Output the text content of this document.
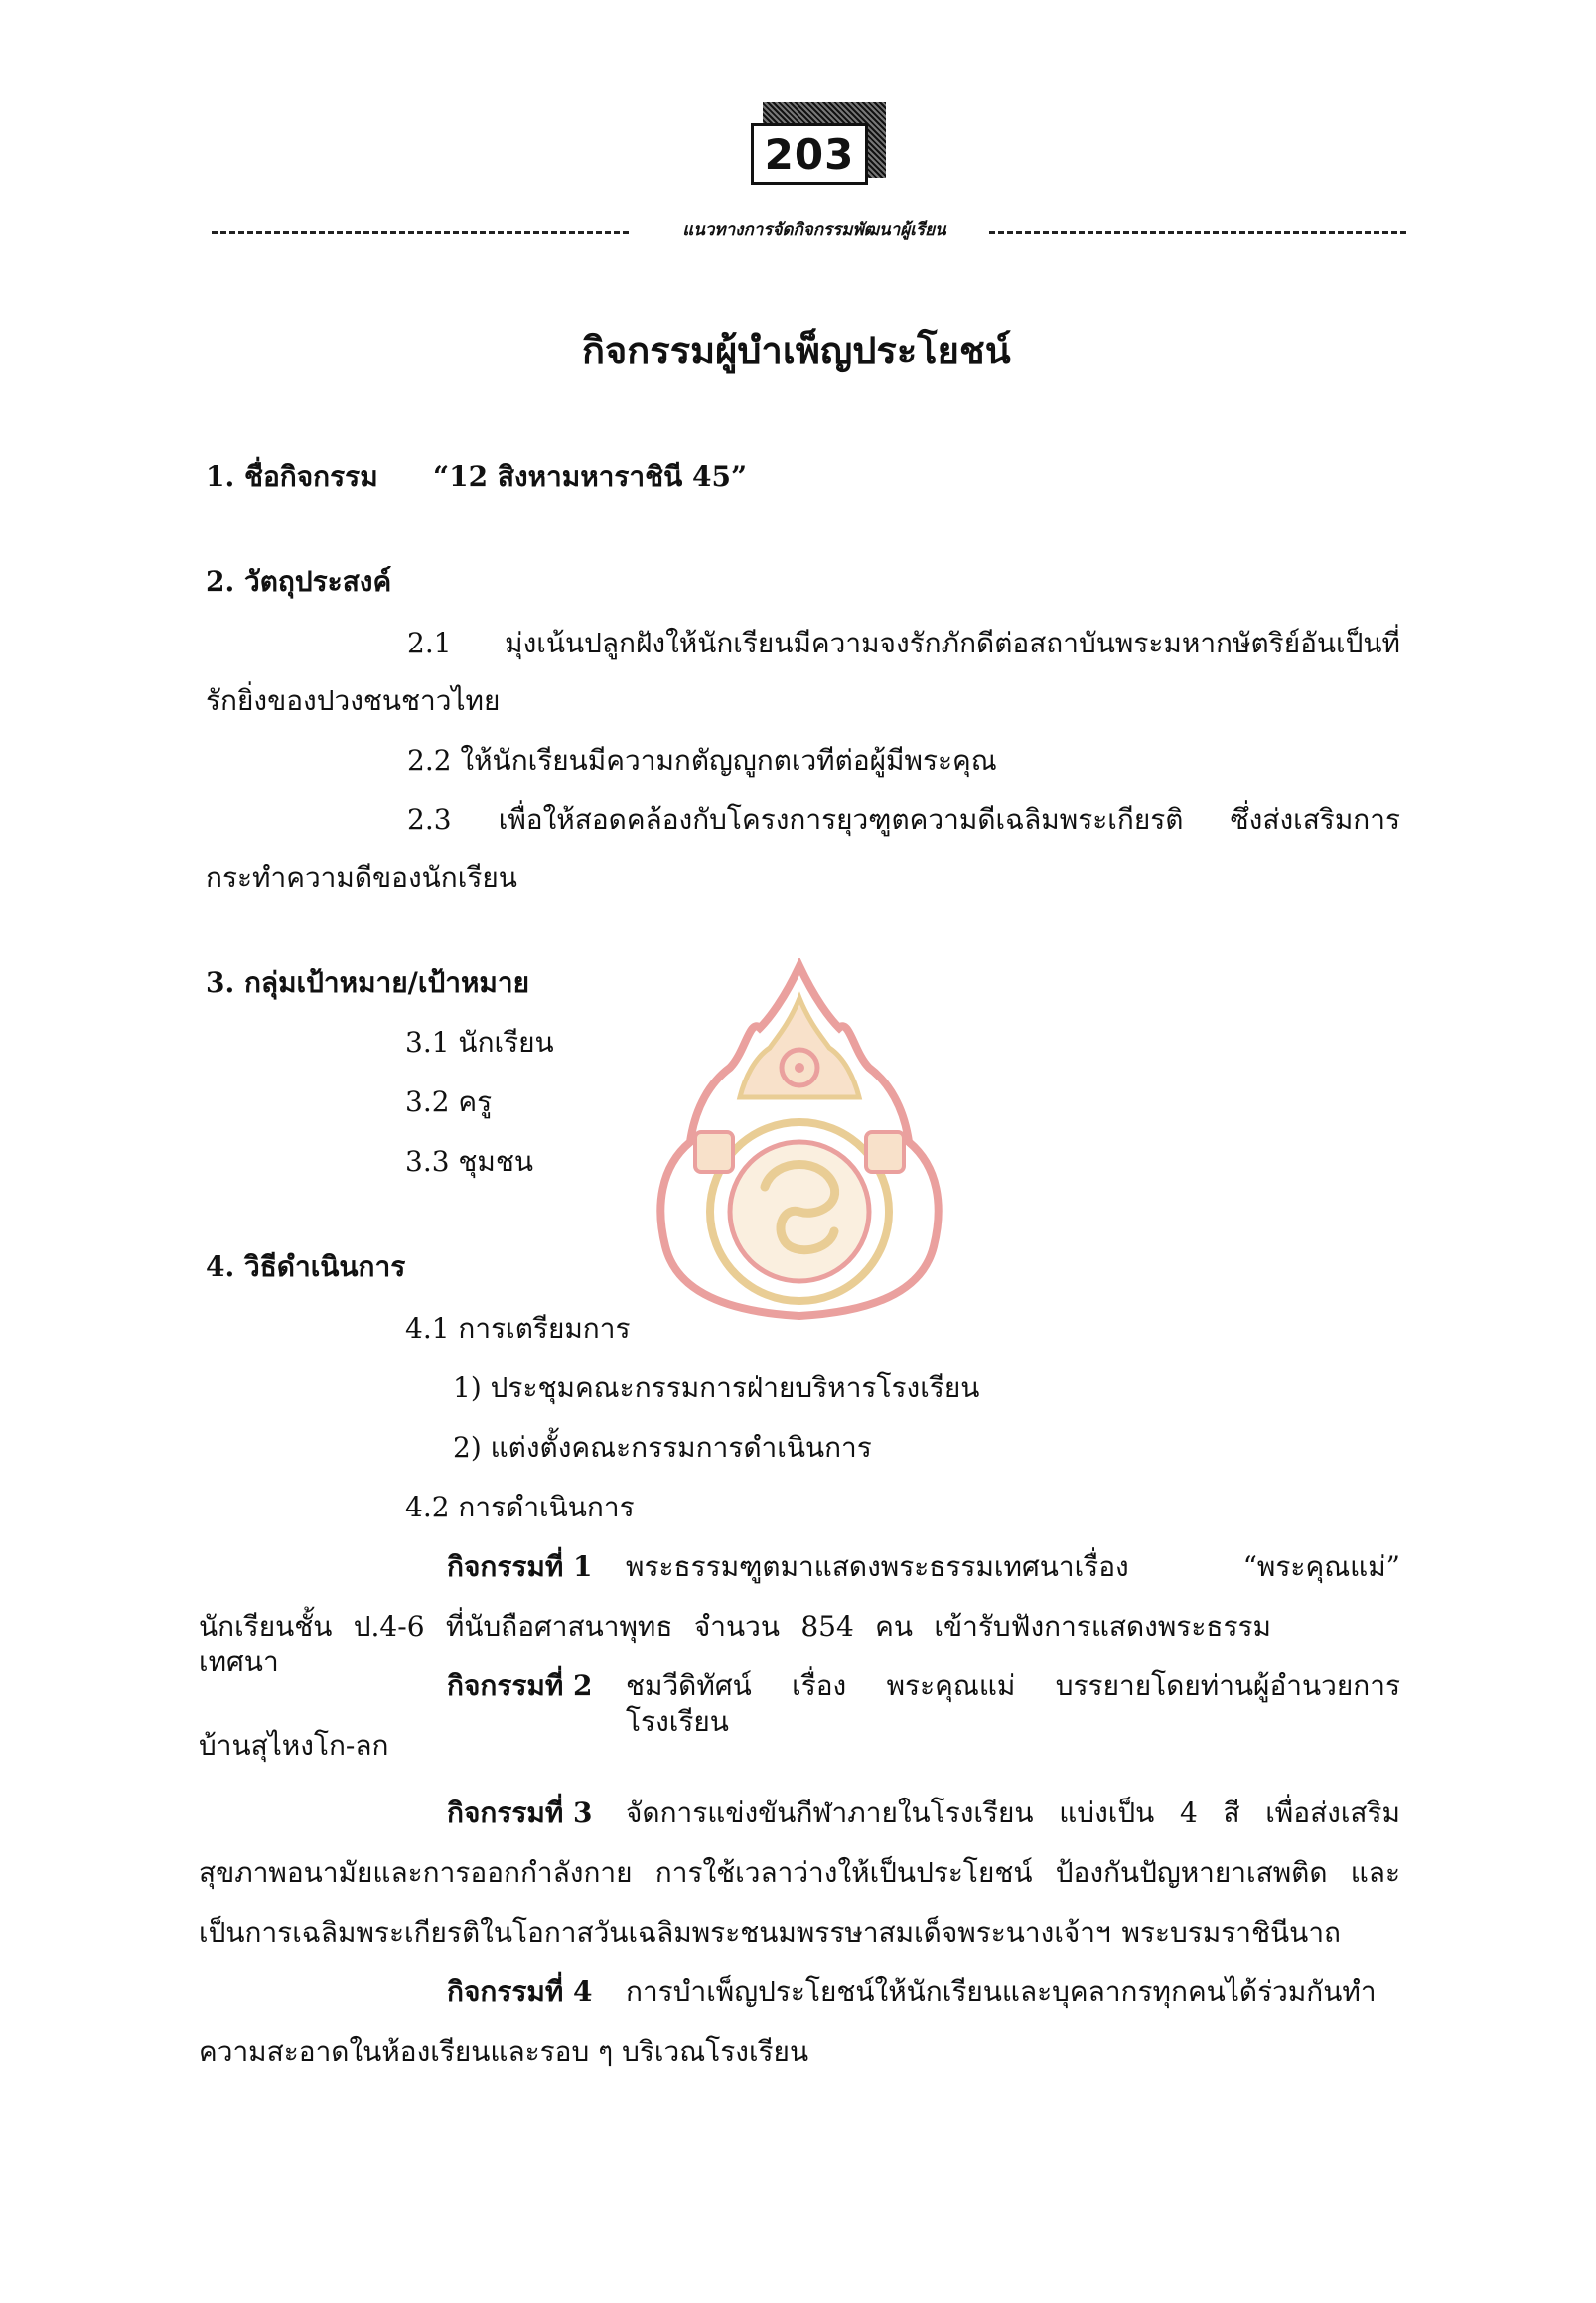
203
แนวทางการจัดกิจกรรมพัฒนาผู้เรียน
กิจกรรมผู้บำเพ็ญประโยชน์
1. ชื่อกิจกรรม “12 สิงหามหาราชินี 45”
2. วัตถุประสงค์
2.1 มุ่งเน้นปลูกฝังให้นักเรียนมีความจงรักภักดีต่อสถาบันพระมหากษัตริย์อันเป็นที่
รักยิ่งของปวงชนชาวไทย
2.2 ให้นักเรียนมีความกตัญญูกตเวทีต่อผู้มีพระคุณ
2.3 เพื่อให้สอดคล้องกับโครงการยุวฑูตความดีเฉลิมพระเกียรติ ซึ่งส่งเสริมการ
กระทำความดีของนักเรียน
3. กลุ่มเป้าหมาย/เป้าหมาย
3.1 นักเรียน
3.2 ครู
3.3 ชุมชน
4. วิธีดำเนินการ
4.1 การเตรียมการ
1) ประชุมคณะกรรมการฝ่ายบริหารโรงเรียน
2) แต่งตั้งคณะกรรมการดำเนินการ
4.2 การดำเนินการ
กิจกรรมที่ 1 พระธรรมฑูตมาแสดงพระธรรมเทศนาเรื่อง “พระคุณแม่”
นักเรียนชั้น ป.4-6 ที่นับถือศาสนาพุทธ จำนวน 854 คน เข้ารับฟังการแสดงพระธรรมเทศนา
กิจกรรมที่ 2 ชมวีดิทัศน์ เรื่อง พระคุณแม่ บรรยายโดยท่านผู้อำนวยการโรงเรียน
บ้านสุไหงโก-ลก
กิจกรรมที่ 3 จัดการแข่งขันกีฬาภายในโรงเรียน แบ่งเป็น 4 สี เพื่อส่งเสริม
สุขภาพอนามัยและการออกกำลังกาย การใช้เวลาว่างให้เป็นประโยชน์ ป้องกันปัญหายาเสพติด และ
เป็นการเฉลิมพระเกียรติในโอกาสวันเฉลิมพระชนมพรรษาสมเด็จพระนางเจ้าฯ พระบรมราชินีนาถ
กิจกรรมที่ 4 การบำเพ็ญประโยชน์ให้นักเรียนและบุคลากรทุกคนได้ร่วมกันทำ
ความสะอาดในห้องเรียนและรอบ ๆ บริเวณโรงเรียน
